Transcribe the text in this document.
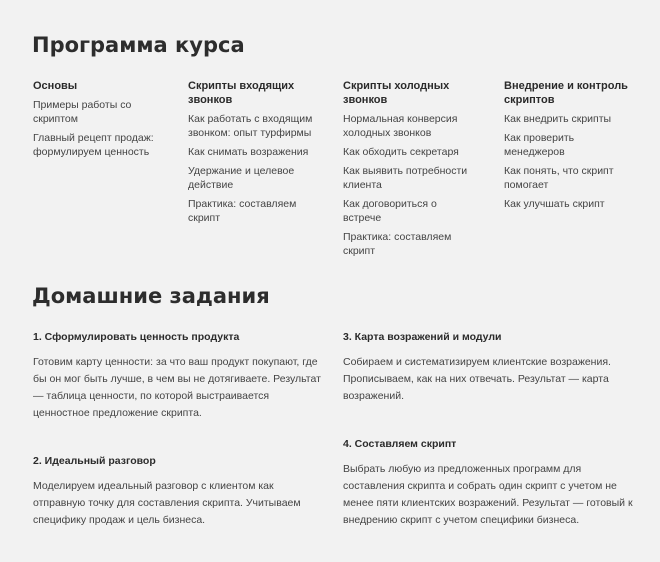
Программа курса
Основы
Примеры работы со скриптом
Главный рецепт продаж: формулируем ценность
Скрипты входящих звонков
Как работать с входящим звонком: опыт турфирмы
Как снимать возражения
Удержание и целевое действие
Практика: составляем скрипт
Скрипты холодных звонков
Нормальная конверсия холодных звонков
Как обходить секретаря
Как выявить потребности клиента
Как договориться о встрече
Практика: составляем скрипт
Внедрение и контроль скриптов
Как внедрить скрипты
Как проверить менеджеров
Как понять, что скрипт помогает
Как улучшать скрипт
Домашние задания
1. Сформулировать ценность продукта
Готовим карту ценности: за что ваш продукт покупают, где бы он мог быть лучше, в чем вы не дотягиваете. Результат — таблица ценности, по которой выстраивается ценностное предложение скрипта.
2. Идеальный разговор
Моделируем идеальный разговор с клиентом как отправную точку для составления скрипта. Учитываем специфику продаж и цель бизнеса.
3. Карта возражений и модули
Собираем и систематизируем клиентские возражения. Прописываем, как на них отвечать. Результат — карта возражений.
4. Составляем скрипт
Выбрать любую из предложенных программ для составления скрипта и собрать один скрипт с учетом не менее пяти клиентских возражений. Результат — готовый к внедрению скрипт с учетом специфики бизнеса.
